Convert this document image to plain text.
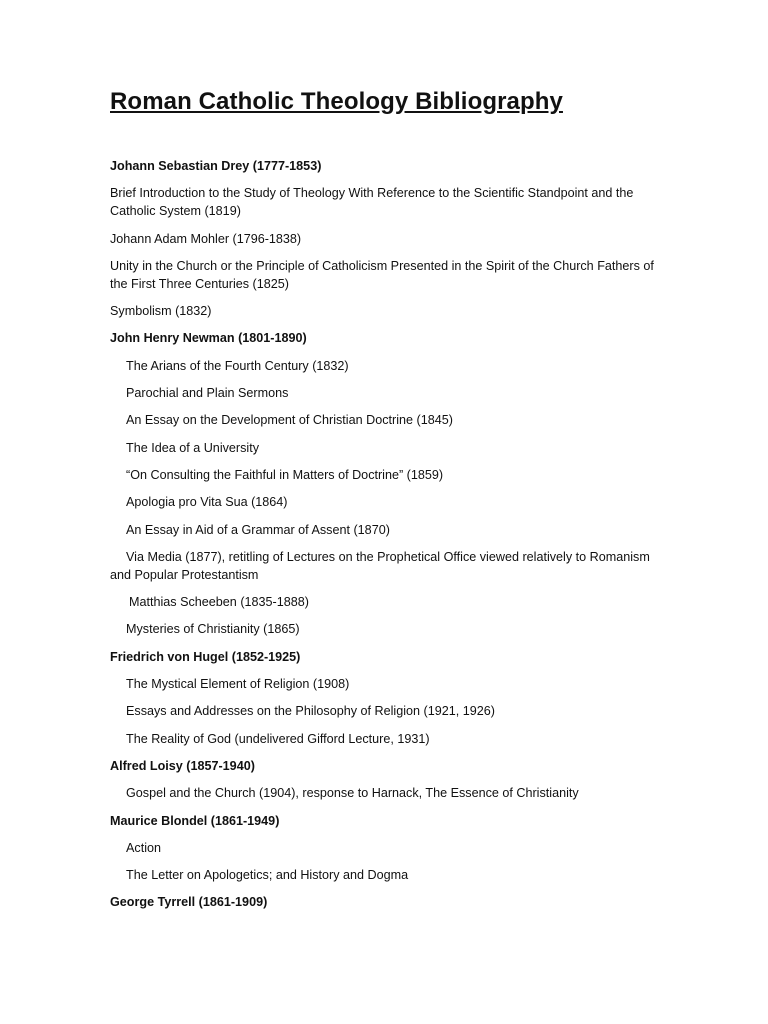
Roman Catholic Theology Bibliography

Johann Sebastian Drey (1777-1853)

Brief Introduction to the Study of Theology With Reference to the Scientific Standpoint and the Catholic System (1819)

Johann Adam Mohler (1796-1838)

Unity in the Church or the Principle of Catholicism Presented in the Spirit of the Church Fathers of the First Three Centuries (1825)

Symbolism (1832)

John Henry Newman (1801-1890)

The Arians of the Fourth Century (1832)

Parochial and Plain Sermons

An Essay on the Development of Christian Doctrine (1845)

The Idea of a University

“On Consulting the Faithful in Matters of Doctrine” (1859)

Apologia pro Vita Sua (1864)

An Essay in Aid of a Grammar of Assent (1870)

Via Media (1877), retitling of Lectures on the Prophetical Office viewed relatively to Romanism and Popular Protestantism

Matthias Scheeben (1835-1888)

Mysteries of Christianity (1865)

Friedrich von Hugel (1852-1925)

The Mystical Element of Religion (1908)

Essays and Addresses on the Philosophy of Religion (1921, 1926)

The Reality of God (undelivered Gifford Lecture, 1931)

Alfred Loisy (1857-1940)

Gospel and the Church (1904), response to Harnack, The Essence of Christianity

Maurice Blondel (1861-1949)

Action

The Letter on Apologetics; and History and Dogma

George Tyrrell (1861-1909)
